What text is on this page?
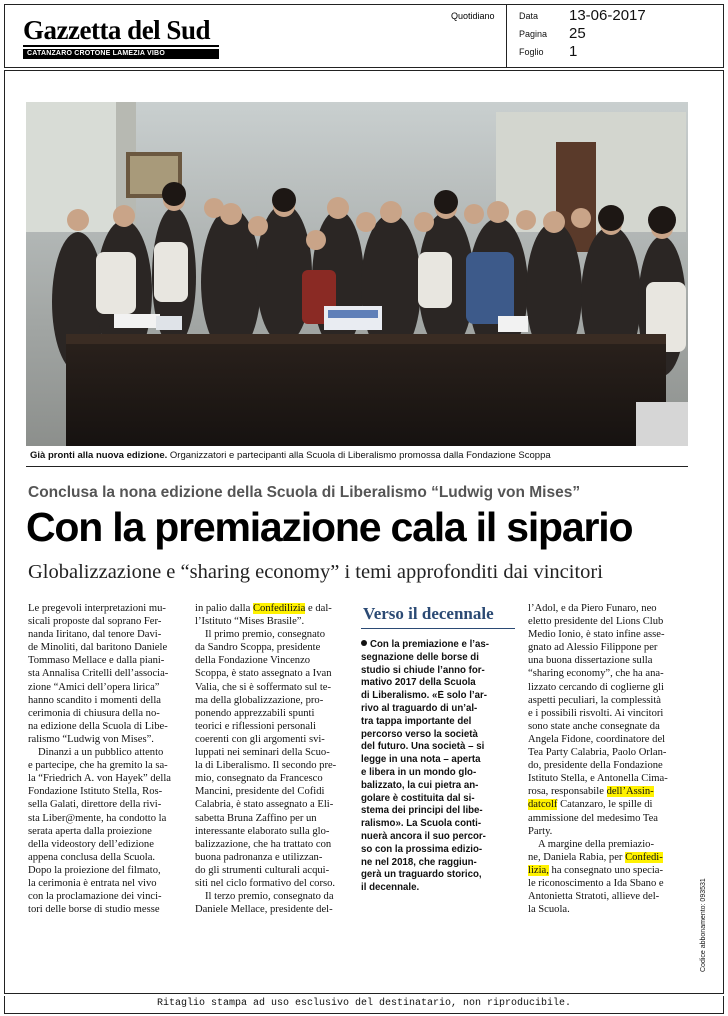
Gazzetta del Sud
CATANZARO CROTONE LAMEZIA VIBO
Quotidiano	Data 13-06-2017
Pagina 25
Foglio 1
Già pronti alla nuova edizione. Organizzatori e partecipanti alla Scuola di Liberalismo promossa dalla Fondazione Scoppa
Conclusa la nona edizione della Scuola di Liberalismo “Ludwig von Mises”
Con la premiazione cala il sipario
Globalizzazione e “sharing economy” i temi approfonditi dai vincitori
Le pregevoli interpretazioni mu-
sicali proposte dal soprano Fer-
nanda Iiritano, dal tenore Davi-
de Minoliti, dal baritono Daniele
Tommaso Mellace e dalla piani-
sta Annalisa Critelli dell’associa-
zione “Amici dell’opera lirica”
hanno scandito i momenti della
cerimonia di chiusura della no-
na edizione della Scuola di Libe-
ralismo “Ludwig von Mises”.
Dinanzi a un pubblico attento
e partecipe, che ha gremito la sa-
la “Friedrich A. von Hayek” della
Fondazione Istituto Stella, Ros-
sella Galati, direttore della rivi-
sta Liber@mente, ha condotto la
serata aperta dalla proiezione
della videostory dell’edizione
appena conclusa della Scuola.
Dopo la proiezione del filmato,
la cerimonia è entrata nel vivo
con la proclamazione dei vinci-
tori delle borse di studio messe
in palio dalla Confedilizia e dal-
l’Istituto “Mises Brasile”.
Il primo premio, consegnato
da Sandro Scoppa, presidente
della Fondazione Vincenzo
Scoppa, è stato assegnato a Ivan
Valia, che si è soffermato sul te-
ma della globalizzazione, pro-
ponendo apprezzabili spunti
teorici e riflessioni personali
coerenti con gli argomenti svi-
luppati nei seminari della Scuo-
la di Liberalismo. Il secondo pre-
mio, consegnato da Francesco
Mancini, presidente del Cofidi
Calabria, è stato assegnato a Eli-
sabetta Bruna Zaffino per un
interessante elaborato sulla glo-
balizzazione, che ha trattato con
buona padronanza e utilizzan-
do gli strumenti culturali acqui-
siti nel ciclo formativo del corso.
Il terzo premio, consegnato da
Daniele Mellace, presidente del-
Verso il decennale
Con la premiazione e l’as-
segnazione delle borse di
studio si chiude l’anno for-
mativo 2017 della Scuola
di Liberalismo. «È solo l’ar-
rivo al traguardo di un’al-
tra tappa importante del
percorso verso la società
del futuro. Una società – si
legge in una nota – aperta
e libera in un mondo glo-
balizzato, la cui pietra an-
golare è costituita dal si-
stema dei principi del libe-
ralismo». La Scuola conti-
nuerà ancora il suo percor-
so con la prossima edizio-
ne nel 2018, che raggiun-
gerà un traguardo storico,
il decennale.
l’Adol, e da Piero Funaro, neo
eletto presidente del Lions Club
Medio Ionio, è stato infine asse-
gnato ad Alessio Filippone per
una buona dissertazione sulla
“sharing economy”, che ha ana-
lizzato cercando di coglierne gli
aspetti peculiari, la complessità
e i possibili risvolti. Ai vincitori
sono state anche consegnate da
Angela Fidone, coordinatore del
Tea Party Calabria, Paolo Orlan-
do, presidente della Fondazione
Istituto Stella, e Antonella Cima-
rosa, responsabile dell’Assin-
datcolf Catanzaro, le spille di
ammissione del medesimo Tea
Party.
A margine della premiazio-
ne, Daniela Rabia, per Confedi-
lizia, ha consegnato uno specia-
le riconoscimento a Ida Sbano e
Antonietta Stratoti, allieve del-
la Scuola.	Codice abbonamento: 093531
Ritaglio stampa ad uso esclusivo del destinatario, non riproducibile.
